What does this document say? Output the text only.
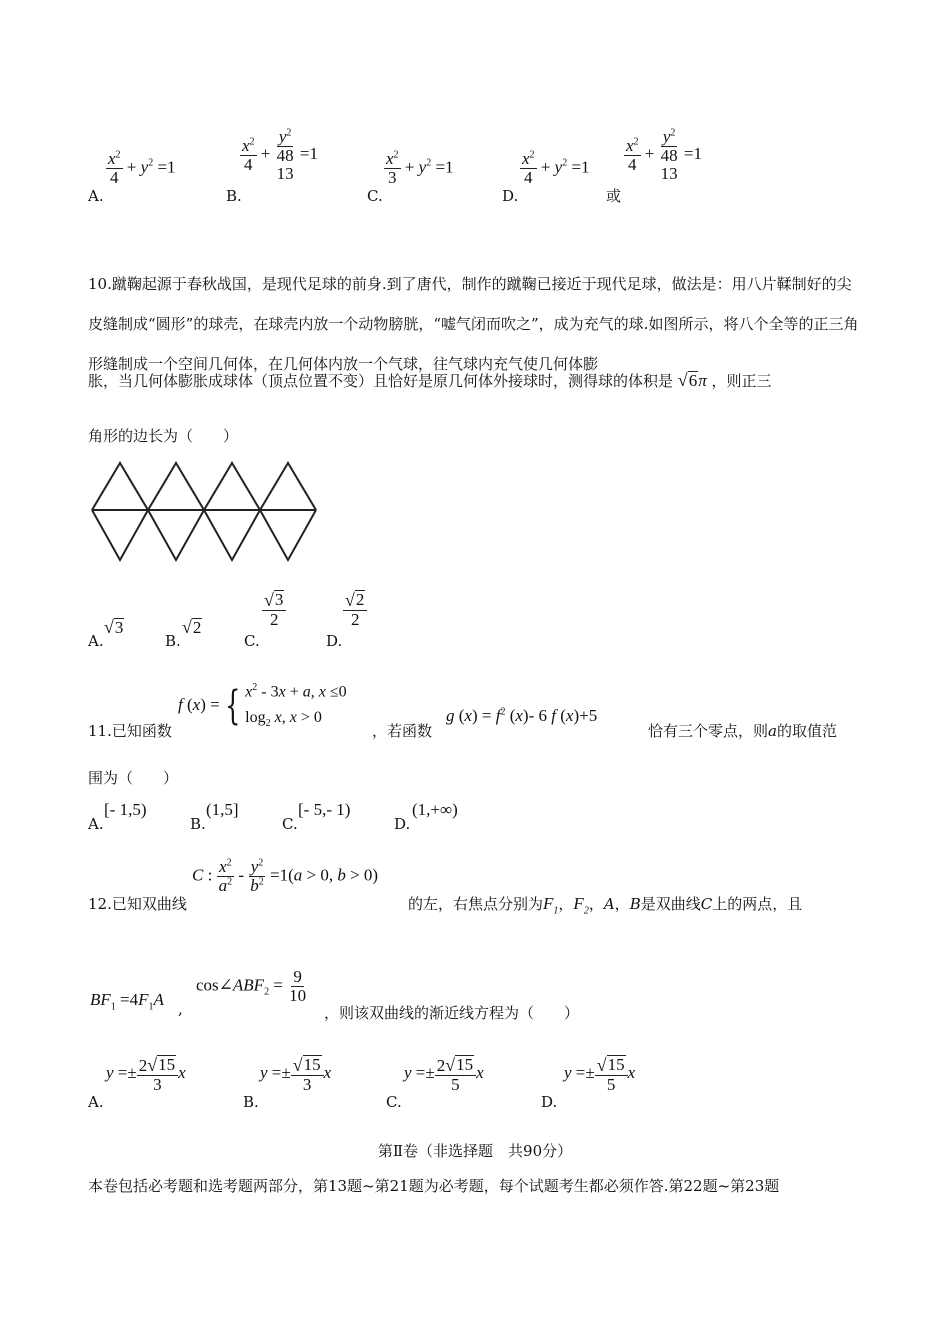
A.
$\frac{x^2}{4} + y^2 =1$
B.
$\frac{x^2}{4}$ +
$y^2$
48
13
=1
C.
$\frac{x^2}{3} + y^2 =1$
D.
$\frac{x^2}{4} + y^2 =1$
或
$\frac{x^2}{4}$ +
$y^2$
48
13
=1
10.蹴鞠起源于春秋战国，是现代足球的前身.到了唐代，制作的蹴鞠已接近于现代足球，做法是：用八片鞣制好的尖皮缝制成“圆形”的球壳，在球壳内放一个动物膀胱，“嘘气闭而吹之”，成为充气的球.如图所示，将八个全等的正三角形缝制成一个空间几何体，在几何体内放一个气球，往气球内充气使几何体膨
胀，当几何体膨胀成球体（顶点位置不变）且恰好是原几何体外接球时，测得球的体积是 √ 6 π ，则正三
角形的边长为（　　）
A.
√ 3
B.
√ 2
C.
$\frac{√ 3}{2}$
D.
$\frac{√ 2}{2}$
11.已知函数
f (x) = { $x^2 - 3x + a$, x ≤0
$\log_2 x$, x > 0
，若函数
g $(x) = f^2$ (x)- 6 f (x)+5
恰有三个零点，则a的取值范
围为（　　）
A.
[- 1,5)
B.
(1,5]
C.
[- 5,- 1)
D.
(1,+∞)
12.已知双曲线
C : $\frac{x^2}{a^2} - \frac{y^2}{b^2} =1(a > 0$, b > 0)
的左，右焦点分别为$F_1$，$F_2$，A，B是双曲线C上的两点，且
$BF_1 =4F_1A$ ,
$\cos\angle ABF_2 = \frac{9}{10}$
，则该双曲线的渐近线方程为（　　）
A.
$y =\pm \frac{2 √ 15}{3}$ x
B.
$y =\pm \frac{√ 15}{3}$ x
C.
$y =\pm \frac{2 √ 15}{5}$ x
D.
$y =\pm \frac{√ 15}{5}$ x
第Ⅱ卷（非选择题　共90分）
本卷包括必考题和选考题两部分，第13题~第21题为必考题，每个试题考生都必须作答.第22题~第23题
